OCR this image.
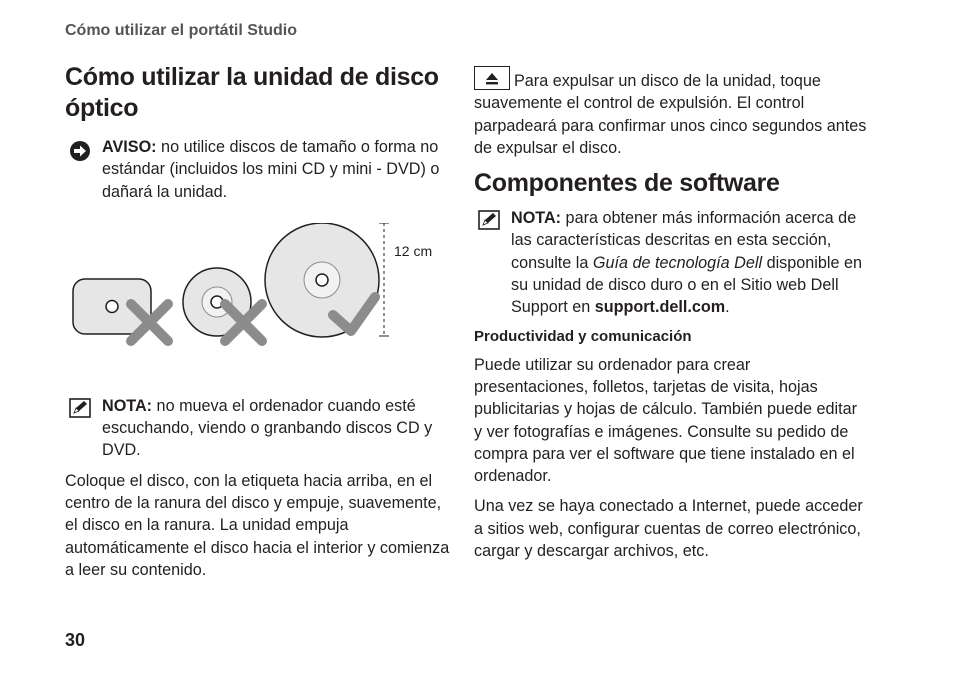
Cómo utilizar el portátil Studio
Cómo utilizar la unidad de disco óptico

AVISO: no utilice discos de tamaño o forma no estándar (incluidos los mini CD y mini - DVD) o dañará la unidad.

12 cm

NOTA: no mueva el ordenador cuando esté escuchando, viendo o granbando discos CD y DVD.

Coloque el disco, con la etiqueta hacia arriba, en el centro de la ranura del disco y empuje, suavemente, el disco en la ranura. La unidad empuja automáticamente el disco hacia el interior y comienza a leer su contenido.

Para expulsar un disco de la unidad, toque suavemente el control de expulsión. El control parpadeará para confirmar unos cinco segundos antes de expulsar el disco.

Componentes de software

NOTA: para obtener más información acerca de las características descritas en esta sección, consulte la Guía de tecnología Dell disponible en su unidad de disco duro o en el Sitio web Dell Support en support.dell.com.

Productividad y comunicación

Puede utilizar su ordenador para crear presentaciones, folletos, tarjetas de visita, hojas publicitarias y hojas de cálculo. También puede editar y ver fotografías e imágenes. Consulte su pedido de compra para ver el software que tiene instalado en el ordenador.

Una vez se haya conectado a Internet, puede acceder a sitios web, configurar cuentas de correo electrónico, cargar y descargar archivos, etc.

30
